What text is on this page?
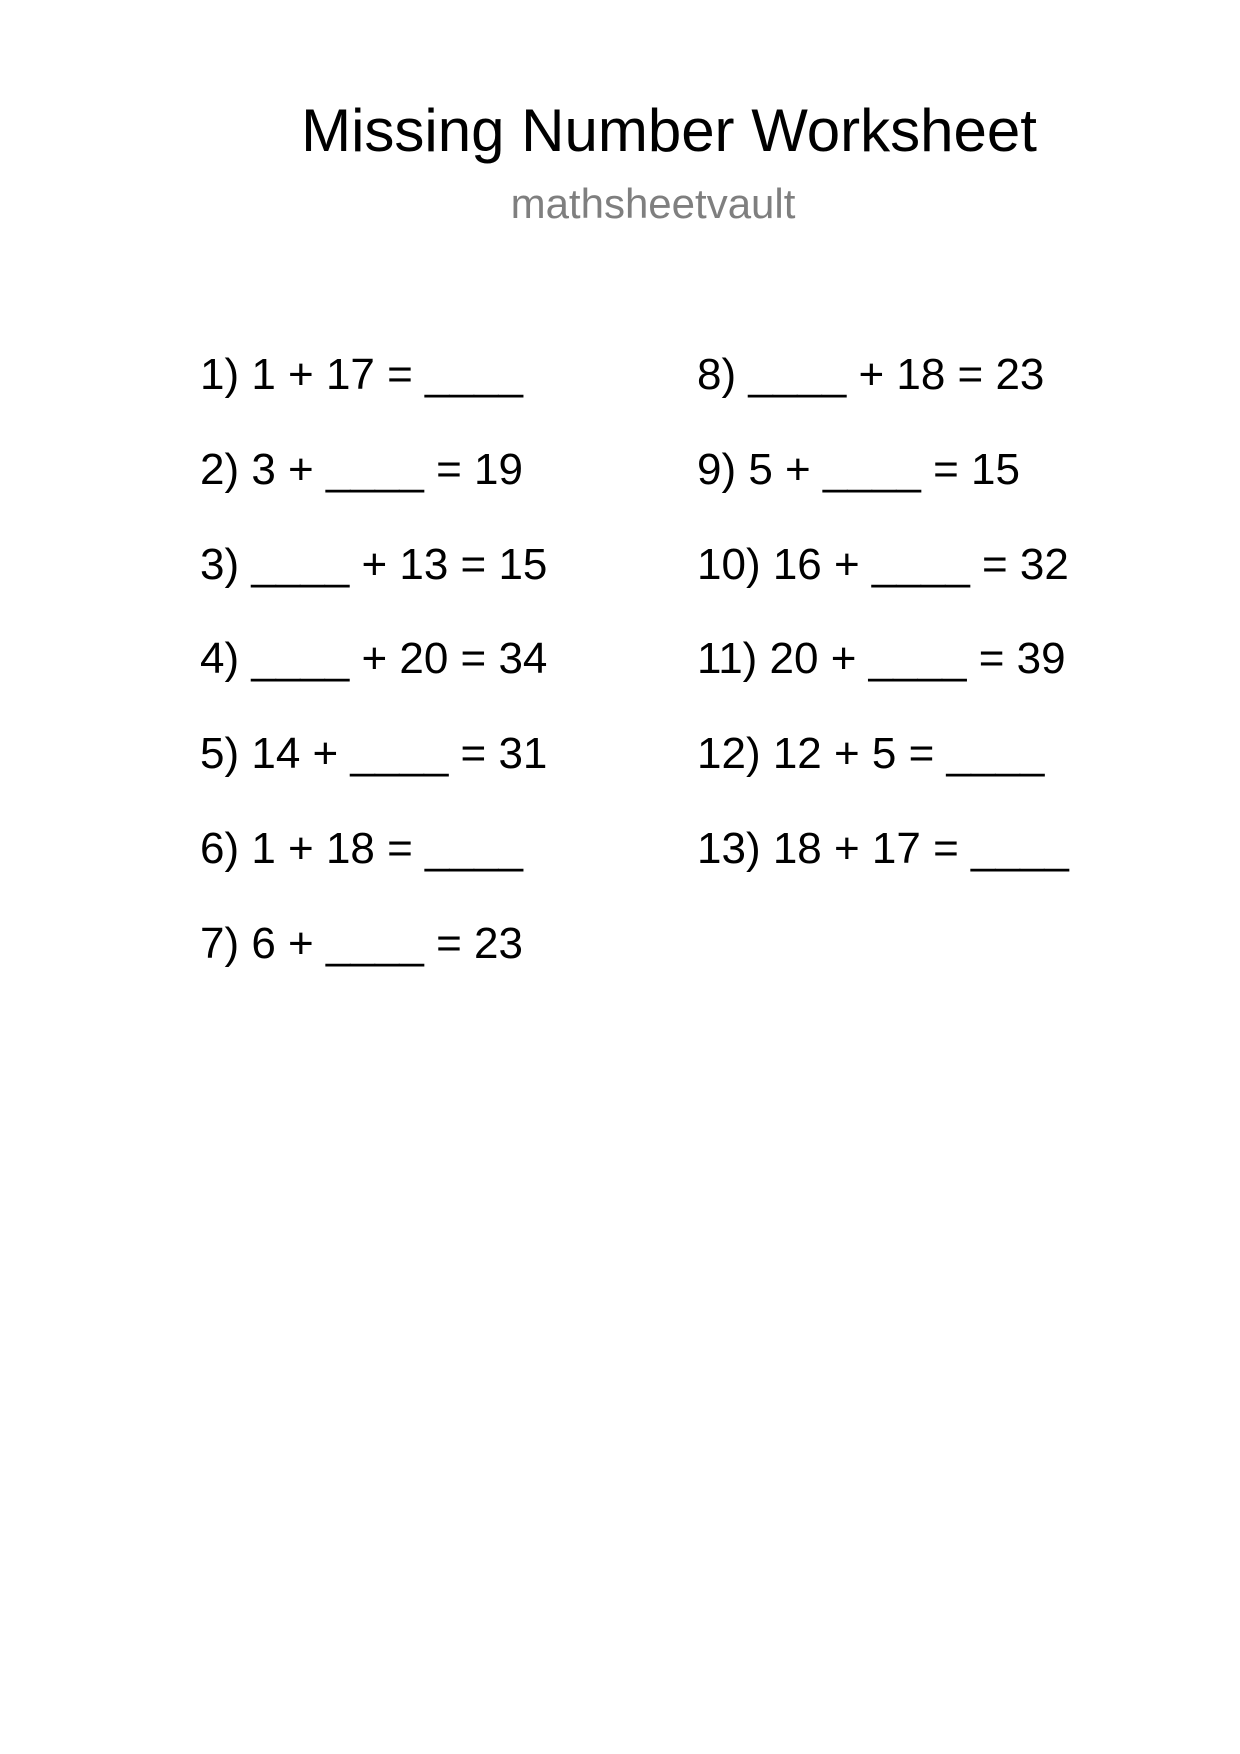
Missing Number Worksheet
mathsheetvault
1) 1 + 17 = ____
2) 3 + ____ = 19
3) ____ + 13 = 15
4) ____ + 20 = 34
5) 14 + ____ = 31
6) 1 + 18 = ____
7) 6 + ____ = 23
8) ____ + 18 = 23
9) 5 + ____ = 15
10) 16 + ____ = 32
11) 20 + ____ = 39
12) 12 + 5 = ____
13) 18 + 17 = ____
